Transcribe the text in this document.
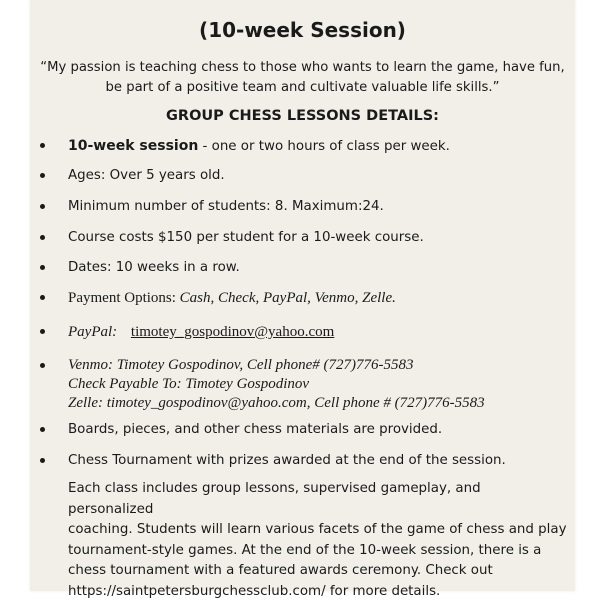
(10-week Session)
“My passion is teaching chess to those who wants to learn the game, have fun,
be part of a positive team and cultivate valuable life skills.”
GROUP CHESS LESSONS DETAILS:
10-week session - one or two hours of class per week.
Ages: Over 5 years old.
Minimum number of students: 8. Maximum:24.
Course costs $150 per student for a 10-week course.
Dates: 10 weeks in a row.
Payment Options: Cash, Check, PayPal, Venmo, Zelle.
PayPal: timotey_gospodinov@yahoo.com
Venmo: Timotey Gospodinov, Cell phone# (727)776-5583
Check Payable To: Timotey Gospodinov
Zelle: timotey_gospodinov@yahoo.com, Cell phone # (727)776-5583
Boards, pieces, and other chess materials are provided.
Chess Tournament with prizes awarded at the end of the session.
Each class includes group lessons, supervised gameplay, and personalized
coaching. Students will learn various facets of the game of chess and play
tournament-style games. At the end of the 10-week session, there is a
chess tournament with a featured awards ceremony. Check out
https://saintpetersburgchessclub.com/ for more details.
